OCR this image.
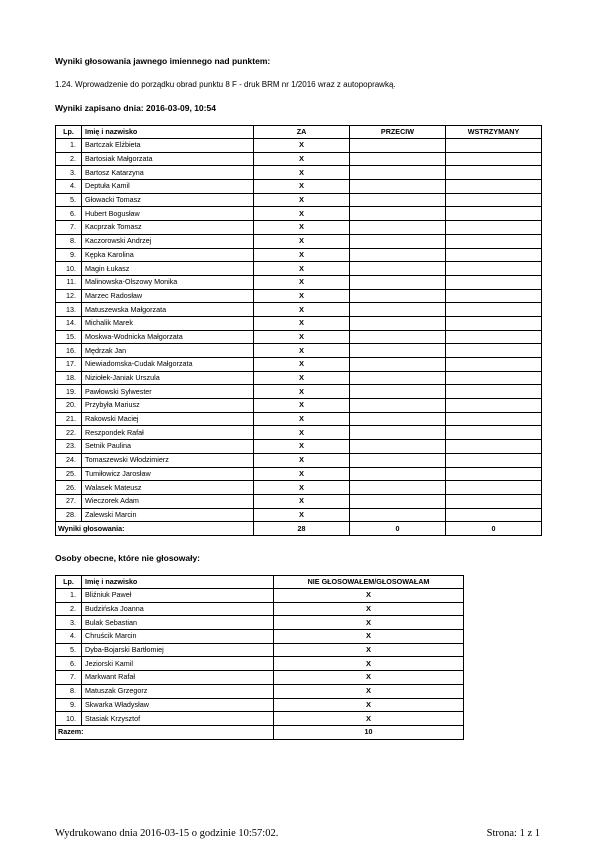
Wyniki głosowania jawnego imiennego nad punktem:
1.24. Wprowadzenie do porządku obrad punktu 8 F - druk BRM nr 1/2016 wraz z autopoprawką.
Wyniki zapisano dnia: 2016-03-09, 10:54
Lp.	Imię i nazwisko	ZA	PRZECIW	WSTRZYMANY
1.	Bartczak Elżbieta	X		
2.	Bartosiak Małgorzata	X		
3.	Bartosz Katarzyna	X		
4.	Deptuła Kamil	X		
5.	Głowacki Tomasz	X		
6.	Hubert Bogusław	X		
7.	Kacprzak Tomasz	X		
8.	Kaczorowski Andrzej	X		
9.	Kępka Karolina	X		
10.	Magin Łukasz	X		
11.	Malinowska-Olszowy Monika	X		
12.	Marzec Radosław	X		
13.	Matuszewska Małgorzata	X		
14.	Michalik Marek	X		
15.	Moskwa-Wodnicka Małgorzata	X		
16.	Mędrzak Jan	X		
17.	Niewiadomska-Cudak Małgorzata	X		
18.	Niziołek-Janiak Urszula	X		
19.	Pawłowski Sylwester	X		
20.	Przybyła Mariusz	X		
21.	Rakowski Maciej	X		
22.	Reszpondek Rafał	X		
23.	Setnik Paulina	X		
24.	Tomaszewski Włodzimierz	X		
25.	Tumiłowicz Jarosław	X		
26.	Walasek Mateusz	X		
27.	Wieczorek Adam	X		
28.	Zalewski Marcin	X		
Wyniki głosowania:		28	0	0
Osoby obecne, które nie głosowały:
Lp.	Imię i nazwisko	NIE GŁOSOWAŁEM/GŁOSOWAŁAM
1.	Bliźniuk Paweł	X
2.	Budzińska Joanna	X
3.	Bulak Sebastian	X
4.	Chruścik Marcin	X
5.	Dyba-Bojarski Bartłomiej	X
6.	Jeziorski Kamil	X
7.	Markwant Rafał	X
8.	Matuszak Grzegorz	X
9.	Skwarka Władysław	X
10.	Stasiak Krzysztof	X
Razem:		10
Wydrukowano dnia 2016-03-15 o godzinie 10:57:02.	Strona: 1 z 1
